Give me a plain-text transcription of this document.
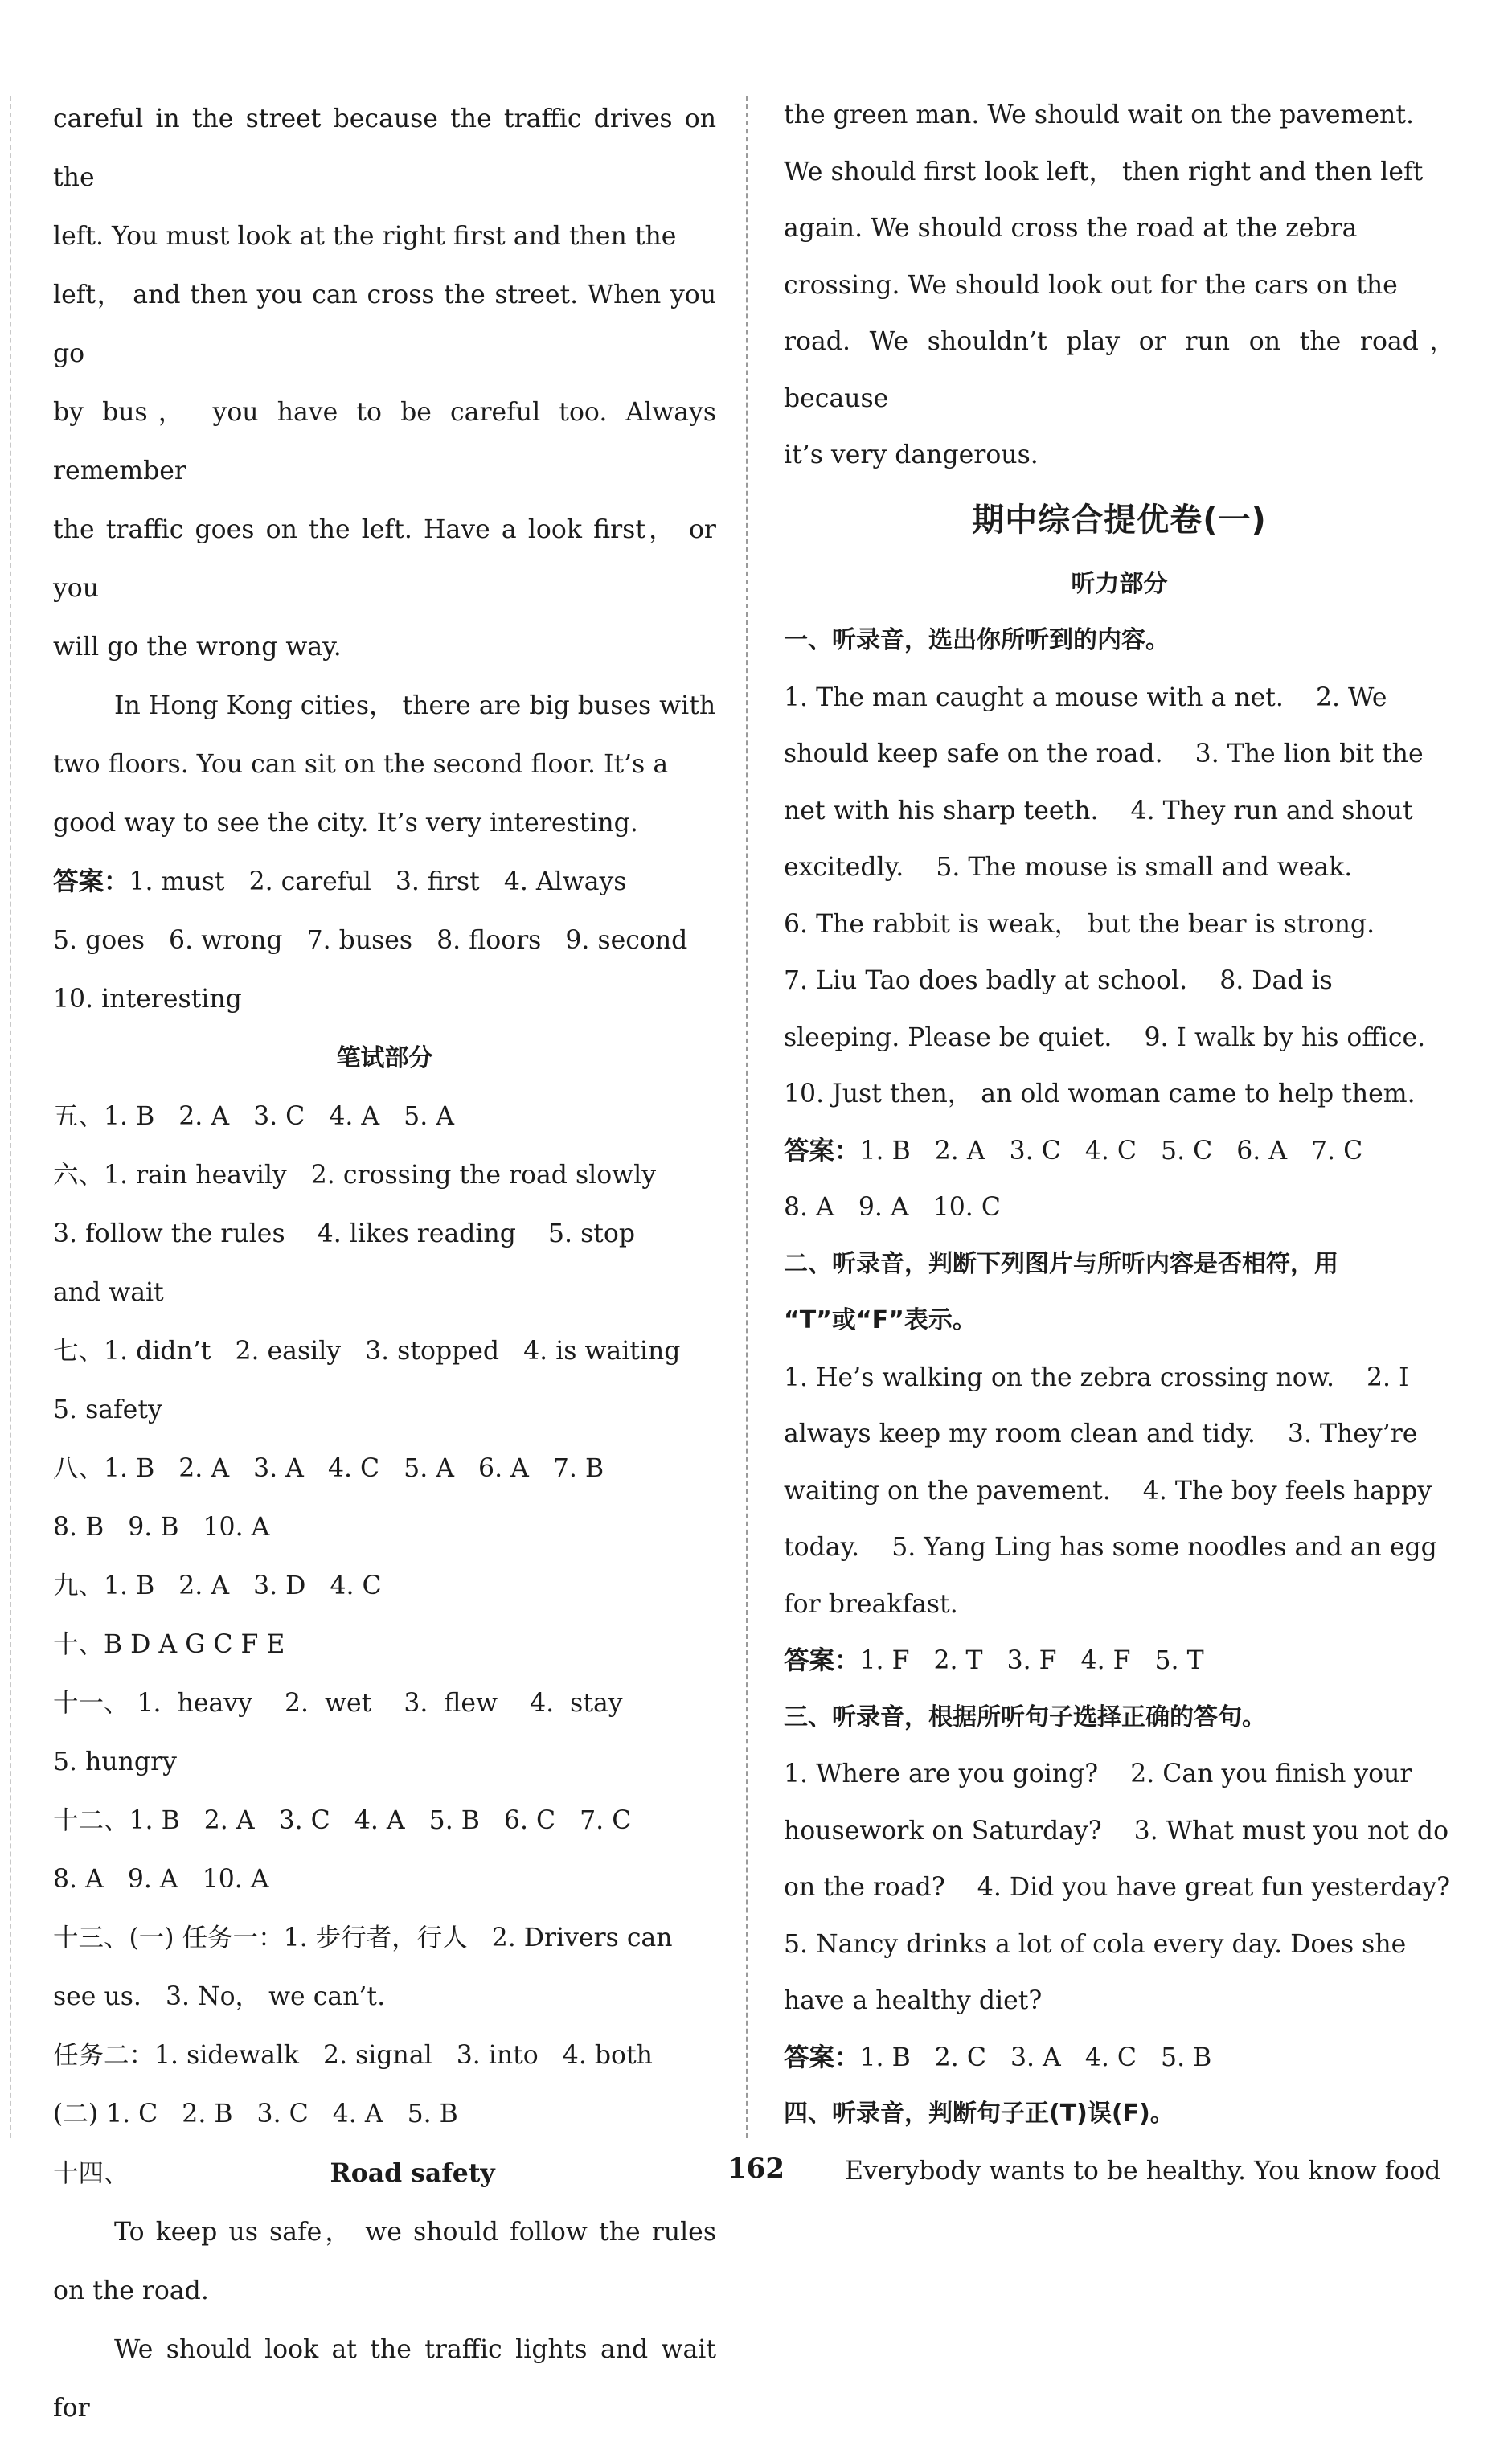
careful in the street because the traffic drives on the
left. You must look at the right first and then the
left， and then you can cross the street. When you go
by bus， you have to be careful too. Always remember
the traffic goes on the left. Have a look first， or you
will go the wrong way.
In Hong Kong cities， there are big buses with
two floors. You can sit on the second floor. It’s a
good way to see the city. It’s very interesting.
答案：1. must   2. careful   3. first   4. Always
5. goes   6. wrong   7. buses   8. floors   9. second
10. interesting
笔试部分
五、1. B   2. A   3. C   4. A   5. A
六、1. rain heavily   2. crossing the road slowly
3. follow the rules    4. likes reading    5. stop
and wait
七、1. didn’t   2. easily   3. stopped   4. is waiting
5. safety
八、1. B   2. A   3. A   4. C   5. A   6. A   7. B
8. B   9. B   10. A
九、1. B   2. A   3. D   4. C
十、B D A G C F E
十一、 1.  heavy    2.  wet    3.  flew    4.  stay
5. hungry
十二、1. B   2. A   3. C   4. A   5. B   6. C   7. C
8. A   9. A   10. A
十三、(一) 任务一：1. 步行者，行人   2. Drivers can
see us.   3. No， we can’t.
任务二：1. sidewalk   2. signal   3. into   4. both
(二) 1. C   2. B   3. C   4. A   5. B
十四、	Road safety
To keep us safe， we should follow the rules on the road.
We should look at the traffic lights and wait for
the green man. We should wait on the pavement.
We should first look left， then right and then left
again. We should cross the road at the zebra
crossing. We should look out for the cars on the
road. We shouldn’t play or run on the road， because
it’s very dangerous.
期中综合提优卷(一)
听力部分
一、听录音，选出你所听到的内容。
1. The man caught a mouse with a net.    2. We
should keep safe on the road.    3. The lion bit the
net with his sharp teeth.    4. They run and shout
excitedly.    5. The mouse is small and weak.
6. The rabbit is weak， but the bear is strong.
7. Liu Tao does badly at school.    8. Dad is
sleeping. Please be quiet.    9. I walk by his office.
10. Just then， an old woman came to help them.
答案：1. B   2. A   3. C   4. C   5. C   6. A   7. C
8. A   9. A   10. C
二、听录音，判断下列图片与所听内容是否相符，用
“T”或“F”表示。
1. He’s walking on the zebra crossing now.    2. I
always keep my room clean and tidy.    3. They’re
waiting on the pavement.    4. The boy feels happy
today.    5. Yang Ling has some noodles and an egg
for breakfast.
答案：1. F   2. T   3. F   4. F   5. T
三、听录音，根据所听句子选择正确的答句。
1. Where are you going?    2. Can you finish your
housework on Saturday?    3. What must you not do
on the road?    4. Did you have great fun yesterday?
5. Nancy drinks a lot of cola every day. Does she
have a healthy diet?
答案：1. B   2. C   3. A   4. C   5. B
四、听录音，判断句子正(T)误(F)。
Everybody wants to be healthy. You know food
162
